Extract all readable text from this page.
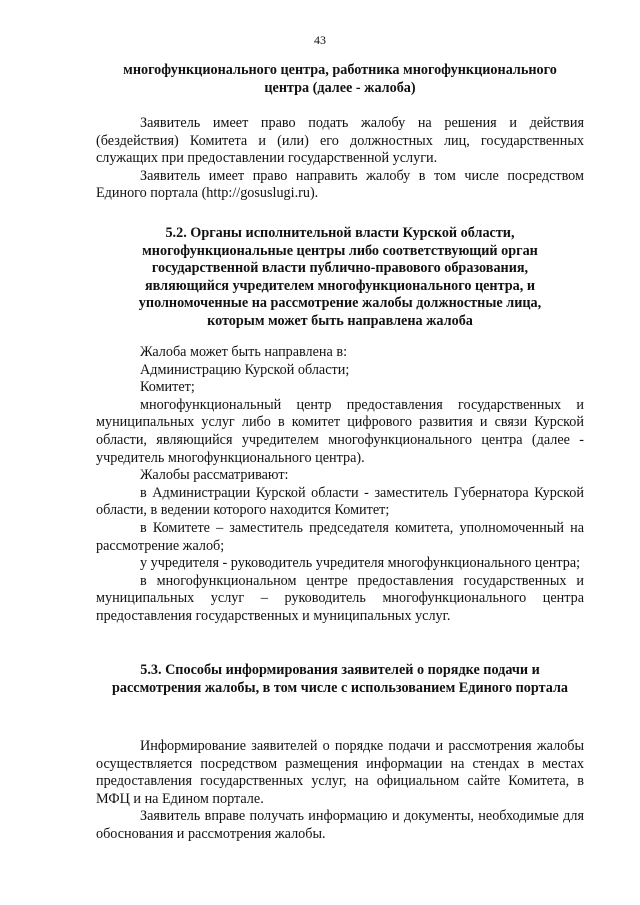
43
многофункционального центра, работника многофункционального
центра (далее - жалоба)

Заявитель имеет право подать жалобу на решения и действия (бездействия) Комитета и (или) его должностных лиц, государственных служащих при предоставлении государственной услуги.

Заявитель имеет право направить жалобу в том числе посредством Единого портала (http://gosuslugi.ru).

5.2. Органы исполнительной власти Курской области,
многофункциональные центры либо соответствующий орган
государственной власти публично-правового образования,
являющийся учредителем многофункционального центра, и
уполномоченные на рассмотрение жалобы должностные лица,
которым может быть направлена жалоба

Жалоба может быть направлена в:

Администрацию Курской области;

Комитет;

многофункциональный центр предоставления государственных и муниципальных услуг либо в комитет цифрового развития и связи Курской области, являющийся учредителем многофункционального центра (далее - учредитель многофункционального центра).

Жалобы рассматривают:

в Администрации Курской области - заместитель Губернатора Курской области, в ведении которого находится Комитет;

в Комитете – заместитель председателя комитета, уполномоченный на рассмотрение жалоб;

у учредителя - руководитель учредителя многофункционального центра;

в многофункциональном центре предоставления государственных и муниципальных услуг – руководитель многофункционального центра предоставления государственных и муниципальных услуг.

5.3. Способы информирования заявителей о порядке подачи и
рассмотрения жалобы, в том числе с использованием Единого портала

Информирование заявителей о порядке подачи и рассмотрения жалобы осуществляется посредством размещения информации на стендах в местах предоставления государственных услуг, на официальном сайте Комитета, в МФЦ и на Едином портале.

Заявитель вправе получать информацию и документы, необходимые для обоснования и рассмотрения жалобы.
